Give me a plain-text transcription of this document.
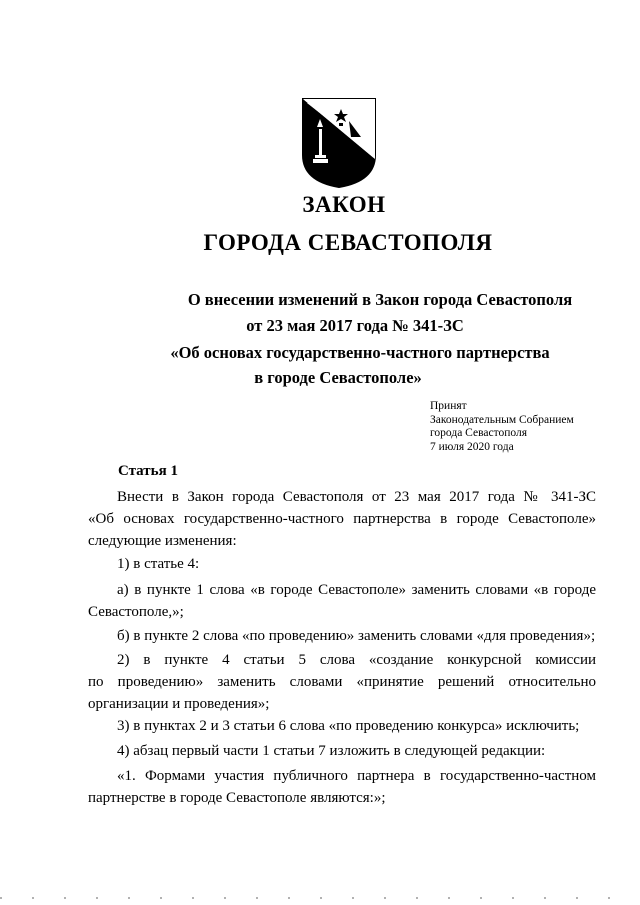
ЗАКОН
ГОРОДА СЕВАСТОПОЛЯ
О внесении изменений в Закон города Севастополя
от 23 мая 2017 года № 341-ЗС
«Об основах государственно-частного партнерства
в городе Севастополе»
Принят
Законодательным Собранием
города Севастополя
7 июля 2020 года
Статья 1
Внести в Закон города Севастополя от 23 мая 2017 года № 341-ЗС
«Об основах государственно-частного партнерства в городе Севастополе»
следующие изменения:
1) в статье 4:
а) в пункте 1 слова «в городе Севастополе» заменить словами «в городе
Севастополе,»;
б) в пункте 2 слова «по проведению» заменить словами «для проведения»;
2) в пункте 4 статьи 5 слова «создание конкурсной комиссии
по проведению» заменить словами «принятие решений относительно
организации и проведения»;
3) в пунктах 2 и 3 статьи 6 слова «по проведению конкурса» исключить;
4) абзац первый части 1 статьи 7 изложить в следующей редакции:
«1. Формами участия публичного партнера в государственно-частном
партнерстве в городе Севастополе являются:»;
